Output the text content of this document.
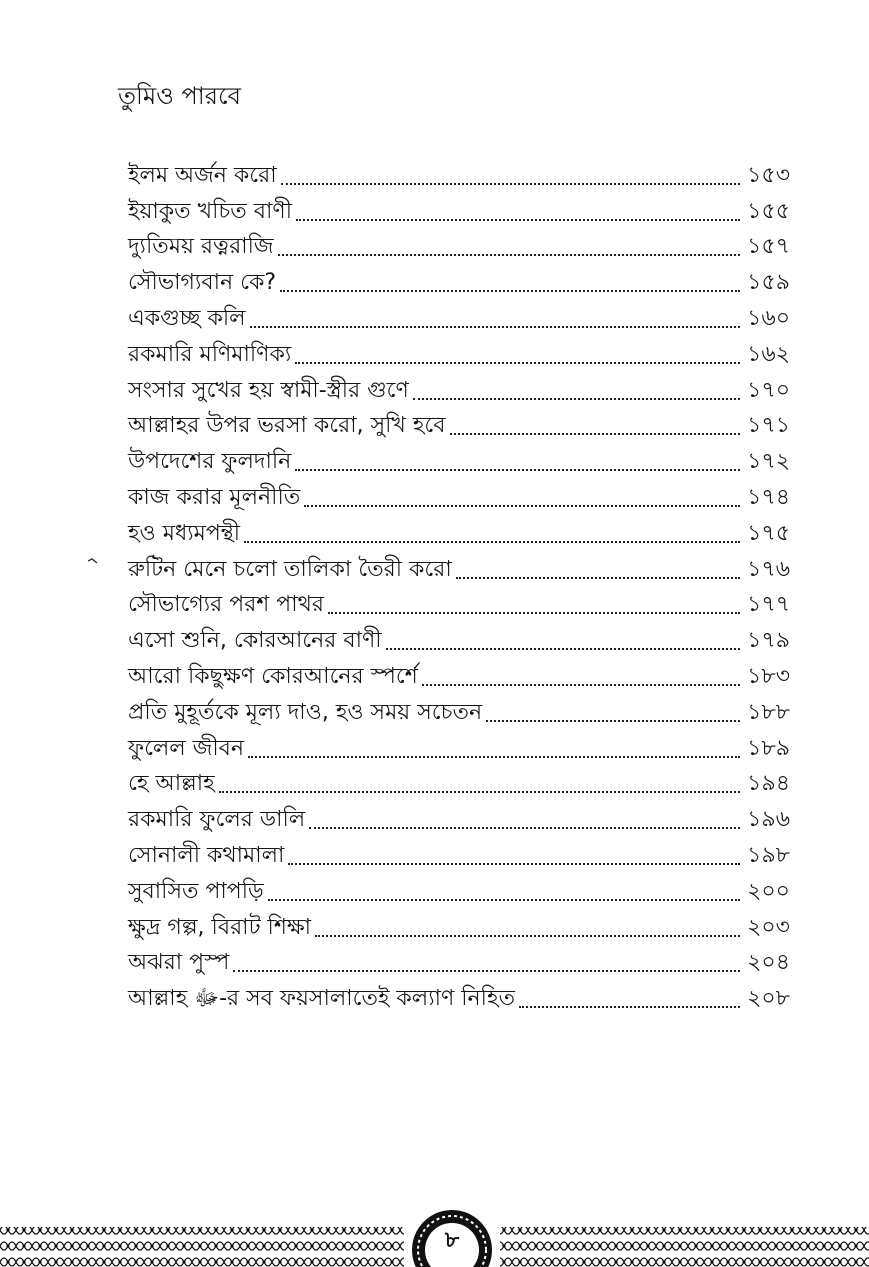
তুমিও পারবে
ইলম অর্জন করো	১৫৩
ইয়াকুত খচিত বাণী	১৫৫
দ্যুতিময় রত্নরাজি	১৫৭
সৌভাগ্যবান কে?	১৫৯
একগুচ্ছ কলি	১৬০
রকমারি মণিমাণিক্য	১৬২
সংসার সুখের হয় স্বামী-স্ত্রীর গুণে	১৭০
আল্লাহর উপর ভরসা করো, সুখি হবে	১৭১
উপদেশের ফুলদানি	১৭২
কাজ করার মূলনীতি	১৭৪
হও মধ্যমপন্থী	১৭৫
রুটিন মেনে চলো তালিকা তৈরী করো	১৭৬
সৌভাগ্যের পরশ পাথর	১৭৭
এসো শুনি, কোরআনের বাণী	১৭৯
আরো কিছুক্ষণ কোরআনের স্পর্শে	১৮৩
প্রতি মুহূর্তকে মূল্য দাও, হও সময় সচেতন	১৮৮
ফুলেল জীবন	১৮৯
হে আল্লাহ	১৯৪
রকমারি ফুলের ডালি	১৯৬
সোনালী কথামালা	১৯৮
সুবাসিত পাপড়ি	২০০
ক্ষুদ্র গল্প, বিরাট শিক্ষা	২০৩
অঝরা পুস্প	২০৪
আল্লাহ ﷻ-র সব ফয়সালাতেই কল্যাণ নিহিত	২০৮
৮
